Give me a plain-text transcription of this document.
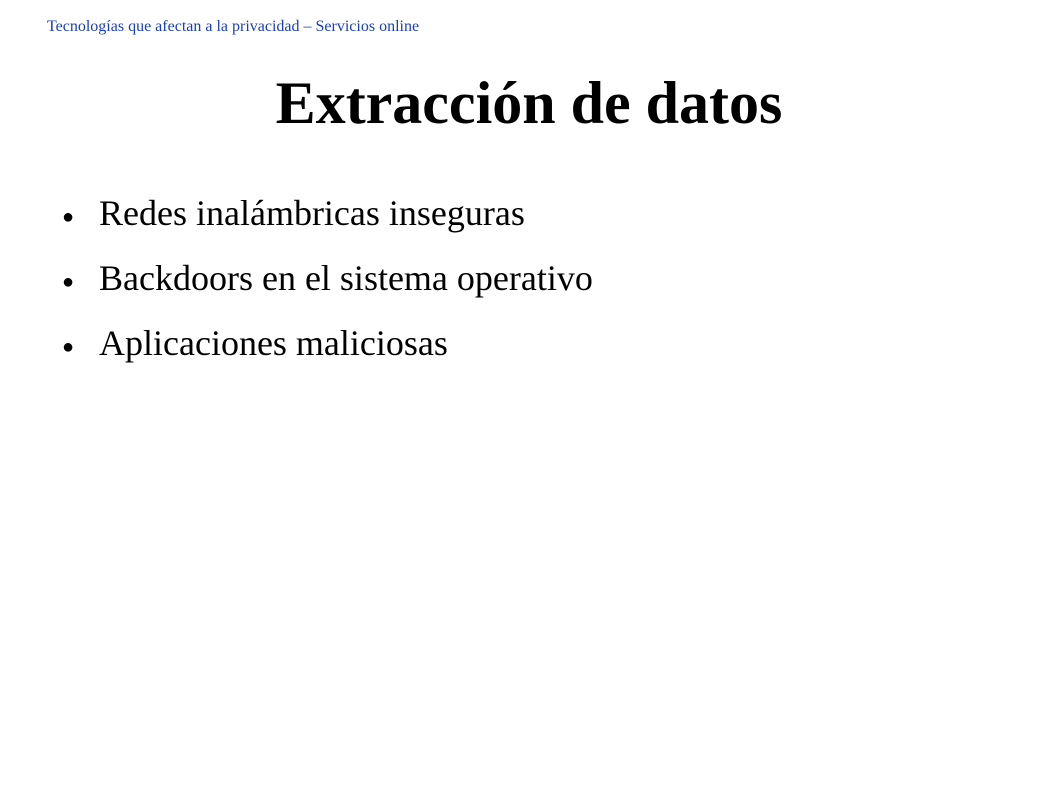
Tecnologías que afectan a la privacidad – Servicios online
Extracción de datos
● Redes inalámbricas inseguras
● Backdoors en el sistema operativo
● Aplicaciones maliciosas
